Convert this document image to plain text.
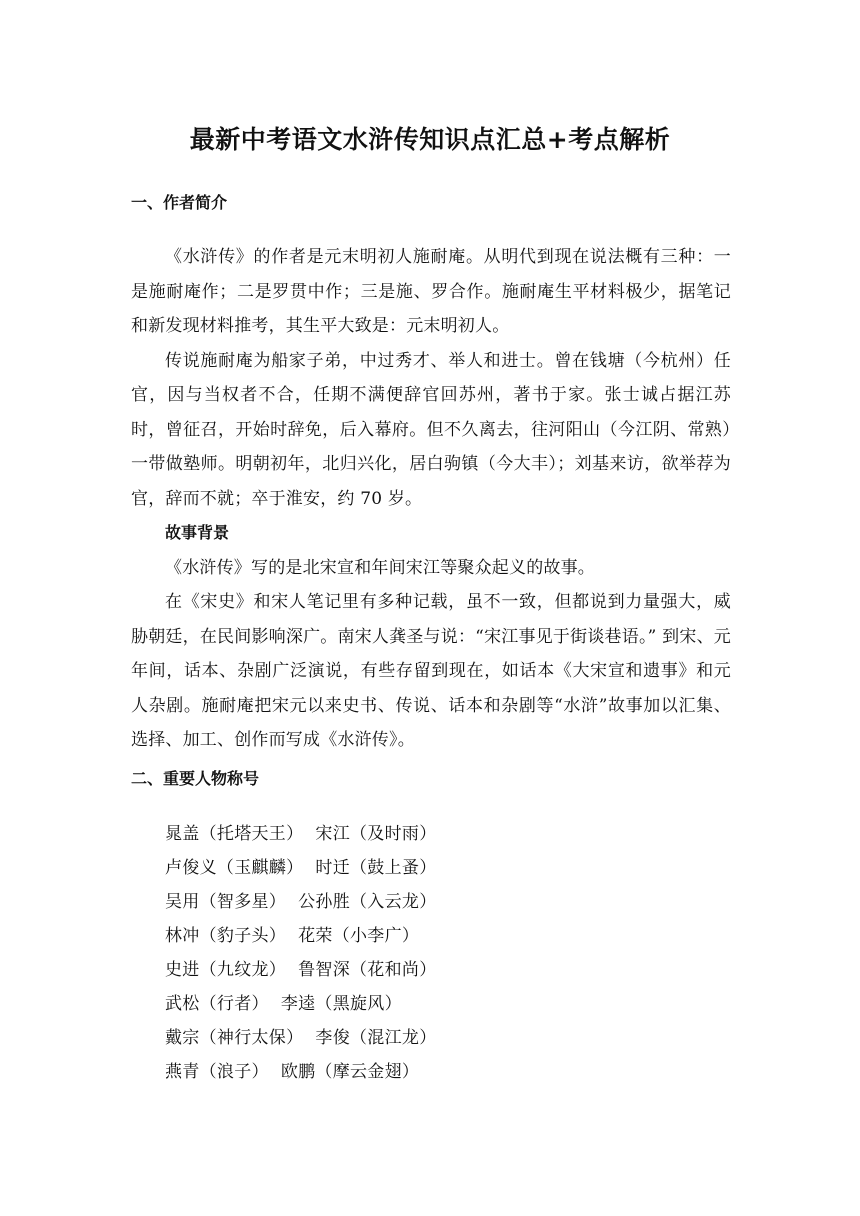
最新中考语文水浒传知识点汇总+考点解析
一、作者简介

《水浒传》的作者是元末明初人施耐庵。从明代到现在说法概有三种：一是施耐庵作；二是罗贯中作；三是施、罗合作。施耐庵生平材料极少，据笔记和新发现材料推考，其生平大致是：元末明初人。

传说施耐庵为船家子弟，中过秀才、举人和进士。曾在钱塘（今杭州）任官，因与当权者不合，任期不满便辞官回苏州，著书于家。张士诚占据江苏时，曾征召，开始时辞免，后入幕府。但不久离去，往河阳山（今江阴、常熟）一带做塾师。明朝初年，北归兴化，居白驹镇（今大丰）；刘基来访，欲举荐为官，辞而不就；卒于淮安，约 70 岁。

故事背景

《水浒传》写的是北宋宣和年间宋江等聚众起义的故事。

在《宋史》和宋人笔记里有多种记载，虽不一致，但都说到力量强大，威胁朝廷，在民间影响深广。南宋人龚圣与说：“宋江事见于街谈巷语。” 到宋、元年间，话本、杂剧广泛演说，有些存留到现在，如话本《大宋宣和遗事》和元人杂剧。施耐庵把宋元以来史书、传说、话本和杂剧等“水浒”故事加以汇集、选择、加工、创作而写成《水浒传》。

二、重要人物称号
晁盖（托塔天王） 宋江（及时雨）
卢俊义（玉麒麟） 时迁（鼓上蚤）
吴用（智多星） 公孙胜（入云龙）
林冲（豹子头） 花荣（小李广）
史进（九纹龙） 鲁智深（花和尚）
武松（行者） 李逵（黑旋风）
戴宗（神行太保） 李俊（混江龙）
燕青（浪子） 欧鹏（摩云金翅）
